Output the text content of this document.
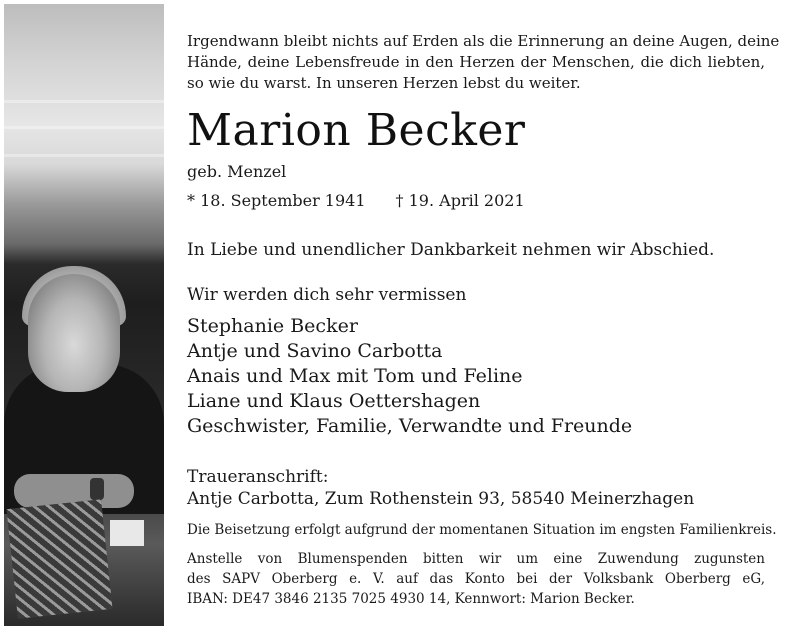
Irgendwann bleibt nichts auf Erden als die Erinnerung an deine Augen, deine
Hände, deine Lebensfreude in den Herzen der Menschen, die dich liebten,
so wie du warst. In unseren Herzen lebst du weiter.
Marion Becker
geb. Menzel
* 18. September 1941 † 19. April 2021
In Liebe und unendlicher Dankbarkeit nehmen wir Abschied.
Wir werden dich sehr vermissen
Stephanie Becker
Antje und Savino Carbotta
Anais und Max mit Tom und Feline
Liane und Klaus Oettershagen
Geschwister, Familie, Verwandte und Freunde
Traueranschrift:
Antje Carbotta, Zum Rothenstein 93, 58540 Meinerzhagen
Die Beisetzung erfolgt aufgrund der momentanen Situation im engsten Familienkreis.
Anstelle von Blumenspenden bitten wir um eine Zuwendung zugunsten
des SAPV Oberberg e. V. auf das Konto bei der Volksbank Oberberg eG,
IBAN: DE47 3846 2135 7025 4930 14, Kennwort: Marion Becker.
